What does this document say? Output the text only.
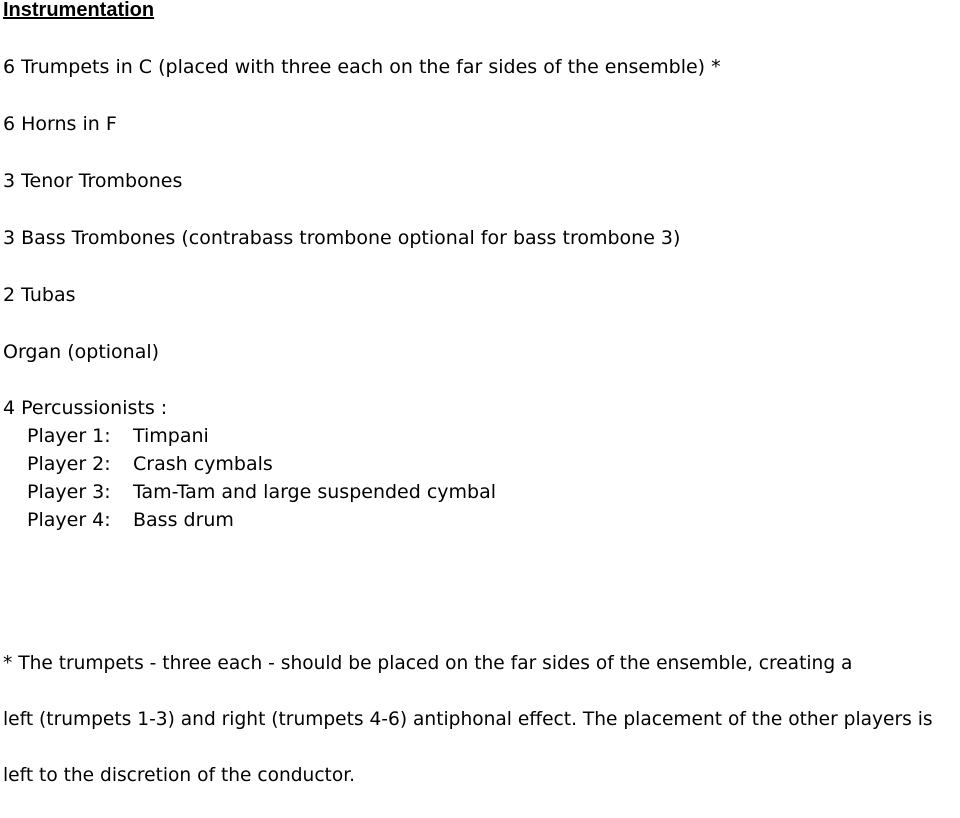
Instrumentation
6 Trumpets in C (placed with three each on the far sides of the ensemble) *
6 Horns in F
3 Tenor Trombones
3 Bass Trombones (contrabass trombone optional for bass trombone 3)
2 Tubas
Organ (optional)
4 Percussionists :
Player 1: Timpani
Player 2: Crash cymbals
Player 3: Tam-Tam and large suspended cymbal
Player 4: Bass drum

* The trumpets - three each - should be placed on the far sides of the ensemble, creating a

left (trumpets 1-3) and right (trumpets 4-6) antiphonal effect. The placement of the other players is

left to the discretion of the conductor.
